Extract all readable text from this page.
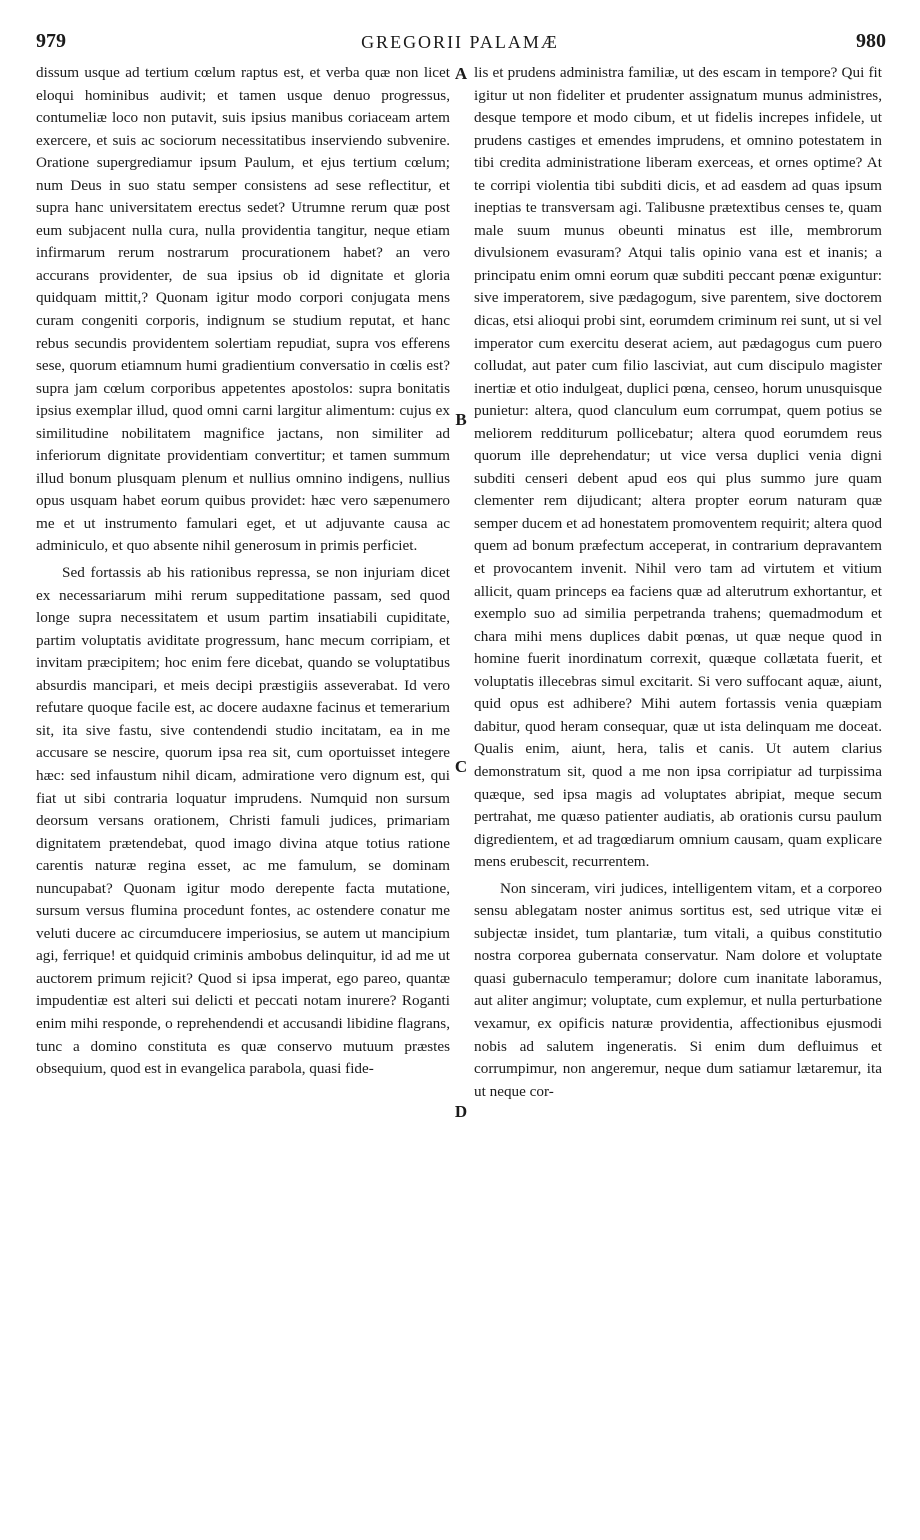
979	GREGORII PALAMÆ	980

dissum usque ad tertium cœlum raptus est, et verba quæ non licet eloqui hominibus audivit; et tamen usque denuo progressus, contumeliæ loco non putavit, suis ipsius manibus coriaceam artem exercere, et suis ac sociorum necessitatibus inserviendo subvenire. Oratione supergrediamur ipsum Paulum, et ejus tertium cœlum; num Deus in suo statu semper consistens ad sese reflectitur, et supra hanc universitatem erectus sedet? Utrumne rerum quæ post eum subjacent nulla cura, nulla providentia tangitur, neque etiam infirmarum rerum nostrarum procurationem habet? an vero accurans providenter, de sua ipsius ob id dignitate et gloria quidquam mittit,? Quonam igitur modo corpori conjugata mens curam congeniti corporis, indignum se studium reputat, et hanc rebus secundis providentem solertiam repudiat, supra vos efferens sese, quorum etiamnum humi gradientium conversatio in cœlis est? supra jam cœlum corporibus appetentes apostolos: supra bonitatis ipsius exemplar illud, quod omni carni largitur alimentum: cujus ex similitudine nobilitatem magnifice jactans, non similiter ad inferiorum dignitate providentiam convertitur; et tamen summum illud bonum plusquam plenum et nullius omnino indigens, nullius opus usquam habet eorum quibus providet: hæc vero sæpenumero me et ut instrumento famulari eget, et ut adjuvante causa ac adminiculo, et quo absente nihil generosum in primis perficiet.

Sed fortassis ab his rationibus repressa, se non injuriam dicet ex necessariarum mihi rerum suppeditatione passam, sed quod longe supra necessitatem et usum partim insatiabili cupiditate, partim voluptatis aviditate progressum, hanc mecum corripiam, et invitam præcipitem; hoc enim fere dicebat, quando se voluptatibus absurdis mancipari, et meis decipi præstigiis asseverabat. Id vero refutare quoque facile est, ac docere audaxne facinus et temerarium sit, ita sive fastu, sive contendendi studio incitatam, ea in me accusare se nescire, quorum ipsa rea sit, cum oportuisset integere hæc: sed infaustum nihil dicam, admiratione vero dignum est, qui fiat ut sibi contraria loquatur imprudens. Numquid non sursum deorsum versans orationem, Christi famuli judices, primariam dignitatem prætendebat, quod imago divina atque totius ratione carentis naturæ regina esset, ac me famulum, se dominam nuncupabat? Quonam igitur modo derepente facta mutatione, sursum versus flumina procedunt fontes, ac ostendere conatur me veluti ducere ac circumducere imperiosius, se autem ut mancipium agi, ferrique! et quidquid criminis ambobus delinquitur, id ad me ut auctorem primum rejicit? Quod si ipsa imperat, ego pareo, quantæ impudentiæ est alteri sui delicti et peccati notam inurere? Roganti enim mihi responde, o reprehendendi et accusandi libidine flagrans, tunc a domino constituta es quæ conservo mutuum præstes obsequium, quod est in evangelica parabola, quasi fide-

A
B
C
D

lis et prudens administra familiæ, ut des escam in tempore? Qui fit igitur ut non fideliter et prudenter assignatum munus administres, desque tempore et modo cibum, et ut fidelis increpes infidele, ut prudens castiges et emendes imprudens, et omnino potestatem in tibi credita administratione liberam exerceas, et ornes optime? At te corripi violentia tibi subditi dicis, et ad easdem ad quas ipsum ineptias te transversam agi. Talibusne prætextibus censes te, quam male suum munus obeunti minatus est ille, membrorum divulsionem evasuram? Atqui talis opinio vana est et inanis; a principatu enim omni eorum quæ subditi peccant pœnæ exiguntur: sive imperatorem, sive pædagogum, sive parentem, sive doctorem dicas, etsi alioqui probi sint, eorumdem criminum rei sunt, ut si vel imperator cum exercitu deserat aciem, aut pædagogus cum puero colludat, aut pater cum filio lasciviat, aut cum discipulo magister inertiæ et otio indulgeat, duplici pœna, censeo, horum unusquisque punietur: altera, quod clanculum eum corrumpat, quem potius se meliorem redditurum pollicebatur; altera quod eorumdem reus quorum ille deprehendatur; ut vice versa duplici venia digni subditi censeri debent apud eos qui plus summo jure quam clementer rem dijudicant; altera propter eorum naturam quæ semper ducem et ad honestatem promoventem requirit; altera quod quem ad bonum præfectum acceperat, in contrarium depravantem et provocantem invenit. Nihil vero tam ad virtutem et vitium allicit, quam princeps ea faciens quæ ad alterutrum exhortantur, et exemplo suo ad similia perpetranda trahens; quemadmodum et chara mihi mens duplices dabit pœnas, ut quæ neque quod in homine fuerit inordinatum correxit, quæque collætata fuerit, et voluptatis illecebras simul excitarit. Si vero suffocant aquæ, aiunt, quid opus est adhibere? Mihi autem fortassis venia quæpiam dabitur, quod heram consequar, quæ ut ista delinquam me doceat. Qualis enim, aiunt, hera, talis et canis. Ut autem clarius demonstratum sit, quod a me non ipsa corripiatur ad turpissima quæque, sed ipsa magis ad voluptates abripiat, meque secum pertrahat, me quæso patienter audiatis, ab orationis cursu paulum digredientem, et ad tragœdiarum omnium causam, quam explicare mens erubescit, recurrentem.

Non sinceram, viri judices, intelligentem vitam, et a corporeo sensu ablegatam noster animus sortitus est, sed utrique vitæ ei subjectæ insidet, tum plantariæ, tum vitali, a quibus constitutio nostra corporea gubernata conservatur. Nam dolore et voluptate quasi gubernaculo temperamur; dolore cum inanitate laboramus, aut aliter angimur; voluptate, cum explemur, et nulla perturbatione vexamur, ex opificis naturæ providentia, affectionibus ejusmodi nobis ad salutem ingeneratis. Si enim dum defluimus et corrumpimur, non angeremur, neque dum satiamur lætaremur, ita ut neque cor-
